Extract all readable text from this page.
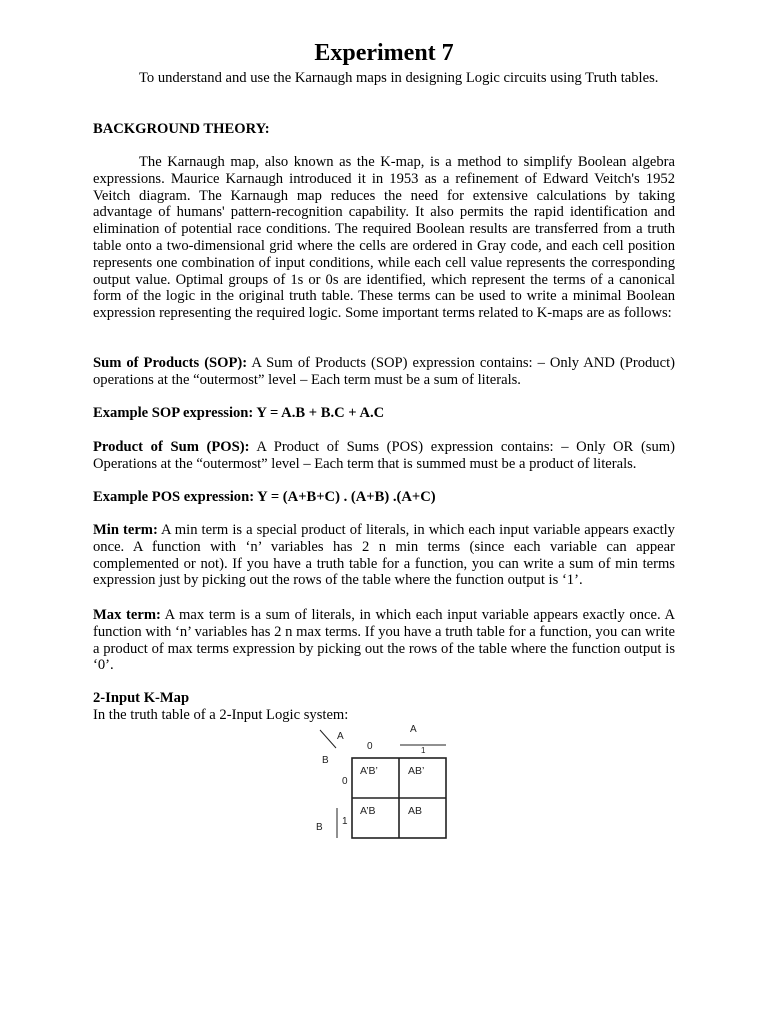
Experiment 7

To understand and use the Karnaugh maps in designing Logic circuits using Truth tables.

BACKGROUND THEORY:

The Karnaugh map, also known as the K-map, is a method to simplify Boolean algebra expressions. Maurice Karnaugh introduced it in 1953 as a refinement of Edward Veitch's 1952 Veitch diagram. The Karnaugh map reduces the need for extensive calculations by taking advantage of humans' pattern-recognition capability. It also permits the rapid identification and elimination of potential race conditions. The required Boolean results are transferred from a truth table onto a two-dimensional grid where the cells are ordered in Gray code, and each cell position represents one combination of input conditions, while each cell value represents the corresponding output value. Optimal groups of 1s or 0s are identified, which represent the terms of a canonical form of the logic in the original truth table. These terms can be used to write a minimal Boolean expression representing the required logic. Some important terms related to K-maps are as follows:

Sum of Products (SOP): A Sum of Products (SOP) expression contains: – Only AND (Product) operations at the “outermost” level – Each term must be a sum of literals.

Example SOP expression: Y = A.B + B.C + A.C

Product of Sum (POS): A Product of Sums (POS) expression contains: – Only OR (sum) Operations at the “outermost” level – Each term that is summed must be a product of literals.

Example POS expression: Y = (A+B+C) . (A+B) .(A+C)

Min term: A min term is a special product of literals, in which each input variable appears exactly once. A function with ‘n’ variables has 2 n min terms (since each variable can appear complemented or not). If you have a truth table for a function, you can write a sum of min terms expression just by picking out the rows of the table where the function output is ‘1’.

Max term: A max term is a sum of literals, in which each input variable appears exactly once. A function with ‘n’ variables has 2 n max terms. If you have a truth table for a function, you can write a product of max terms expression by picking out the rows of the table where the function output is ‘0’.

2-Input K-Map

In the truth table of a 2-Input Logic system:

A
B
A
0	1
0
1
B
A’B’	AB’
A’B	AB
